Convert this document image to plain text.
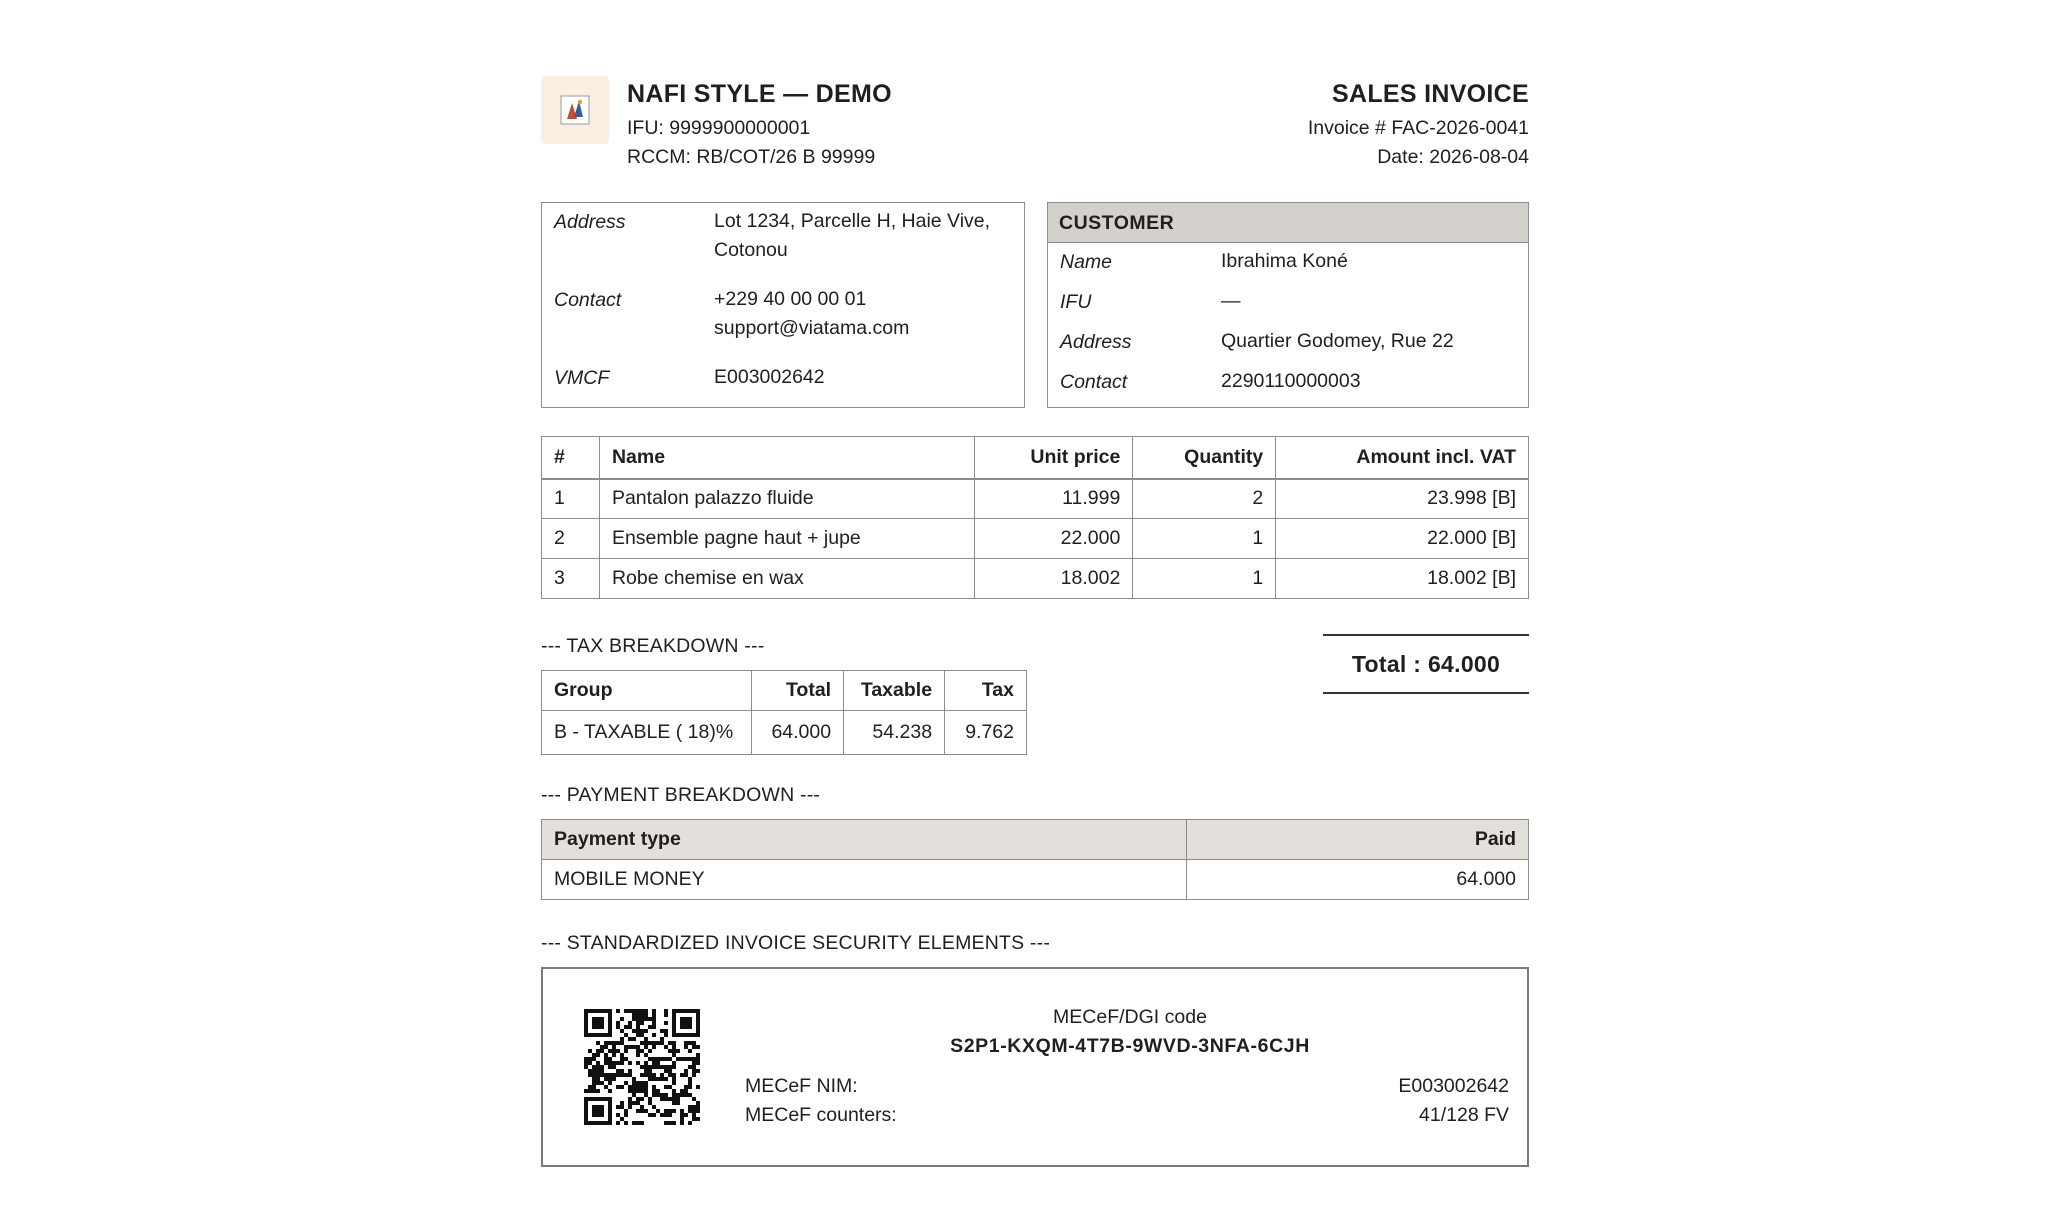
NAFI STYLE — DEMO
IFU: 9999900000001
RCCM: RB/COT/26 B 99999
SALES INVOICE
Invoice # FAC-2026-0041
Date: 2026-08-04
Address	Lot 1234, Parcelle H, Haie Vive,
Cotonou
Contact	+229 40 00 00 01
support@viatama.com
VMCF	E003002642
CUSTOMER
Name	Ibrahima Koné
IFU	—
Address	Quartier Godomey, Rue 22
Contact	2290110000003
#	Name	Unit price	Quantity	Amount incl. VAT
1	Pantalon palazzo fluide	11.999	2	23.998 [B]
2	Ensemble pagne haut + jupe	22.000	1	22.000 [B]
3	Robe chemise en wax	18.002	1	18.002 [B]
--- TAX BREAKDOWN ---
Group	Total	Taxable	Tax
B - TAXABLE ( 18)%	64.000	54.238	9.762
Total : 64.000
--- PAYMENT BREAKDOWN ---
Payment type	Paid
MOBILE MONEY	64.000
--- STANDARDIZED INVOICE SECURITY ELEMENTS ---
MECeF/DGI code
S2P1-KXQM-4T7B-9WVD-3NFA-6CJH
MECeF NIM:	E003002642
MECeF counters:	41/128 FV
